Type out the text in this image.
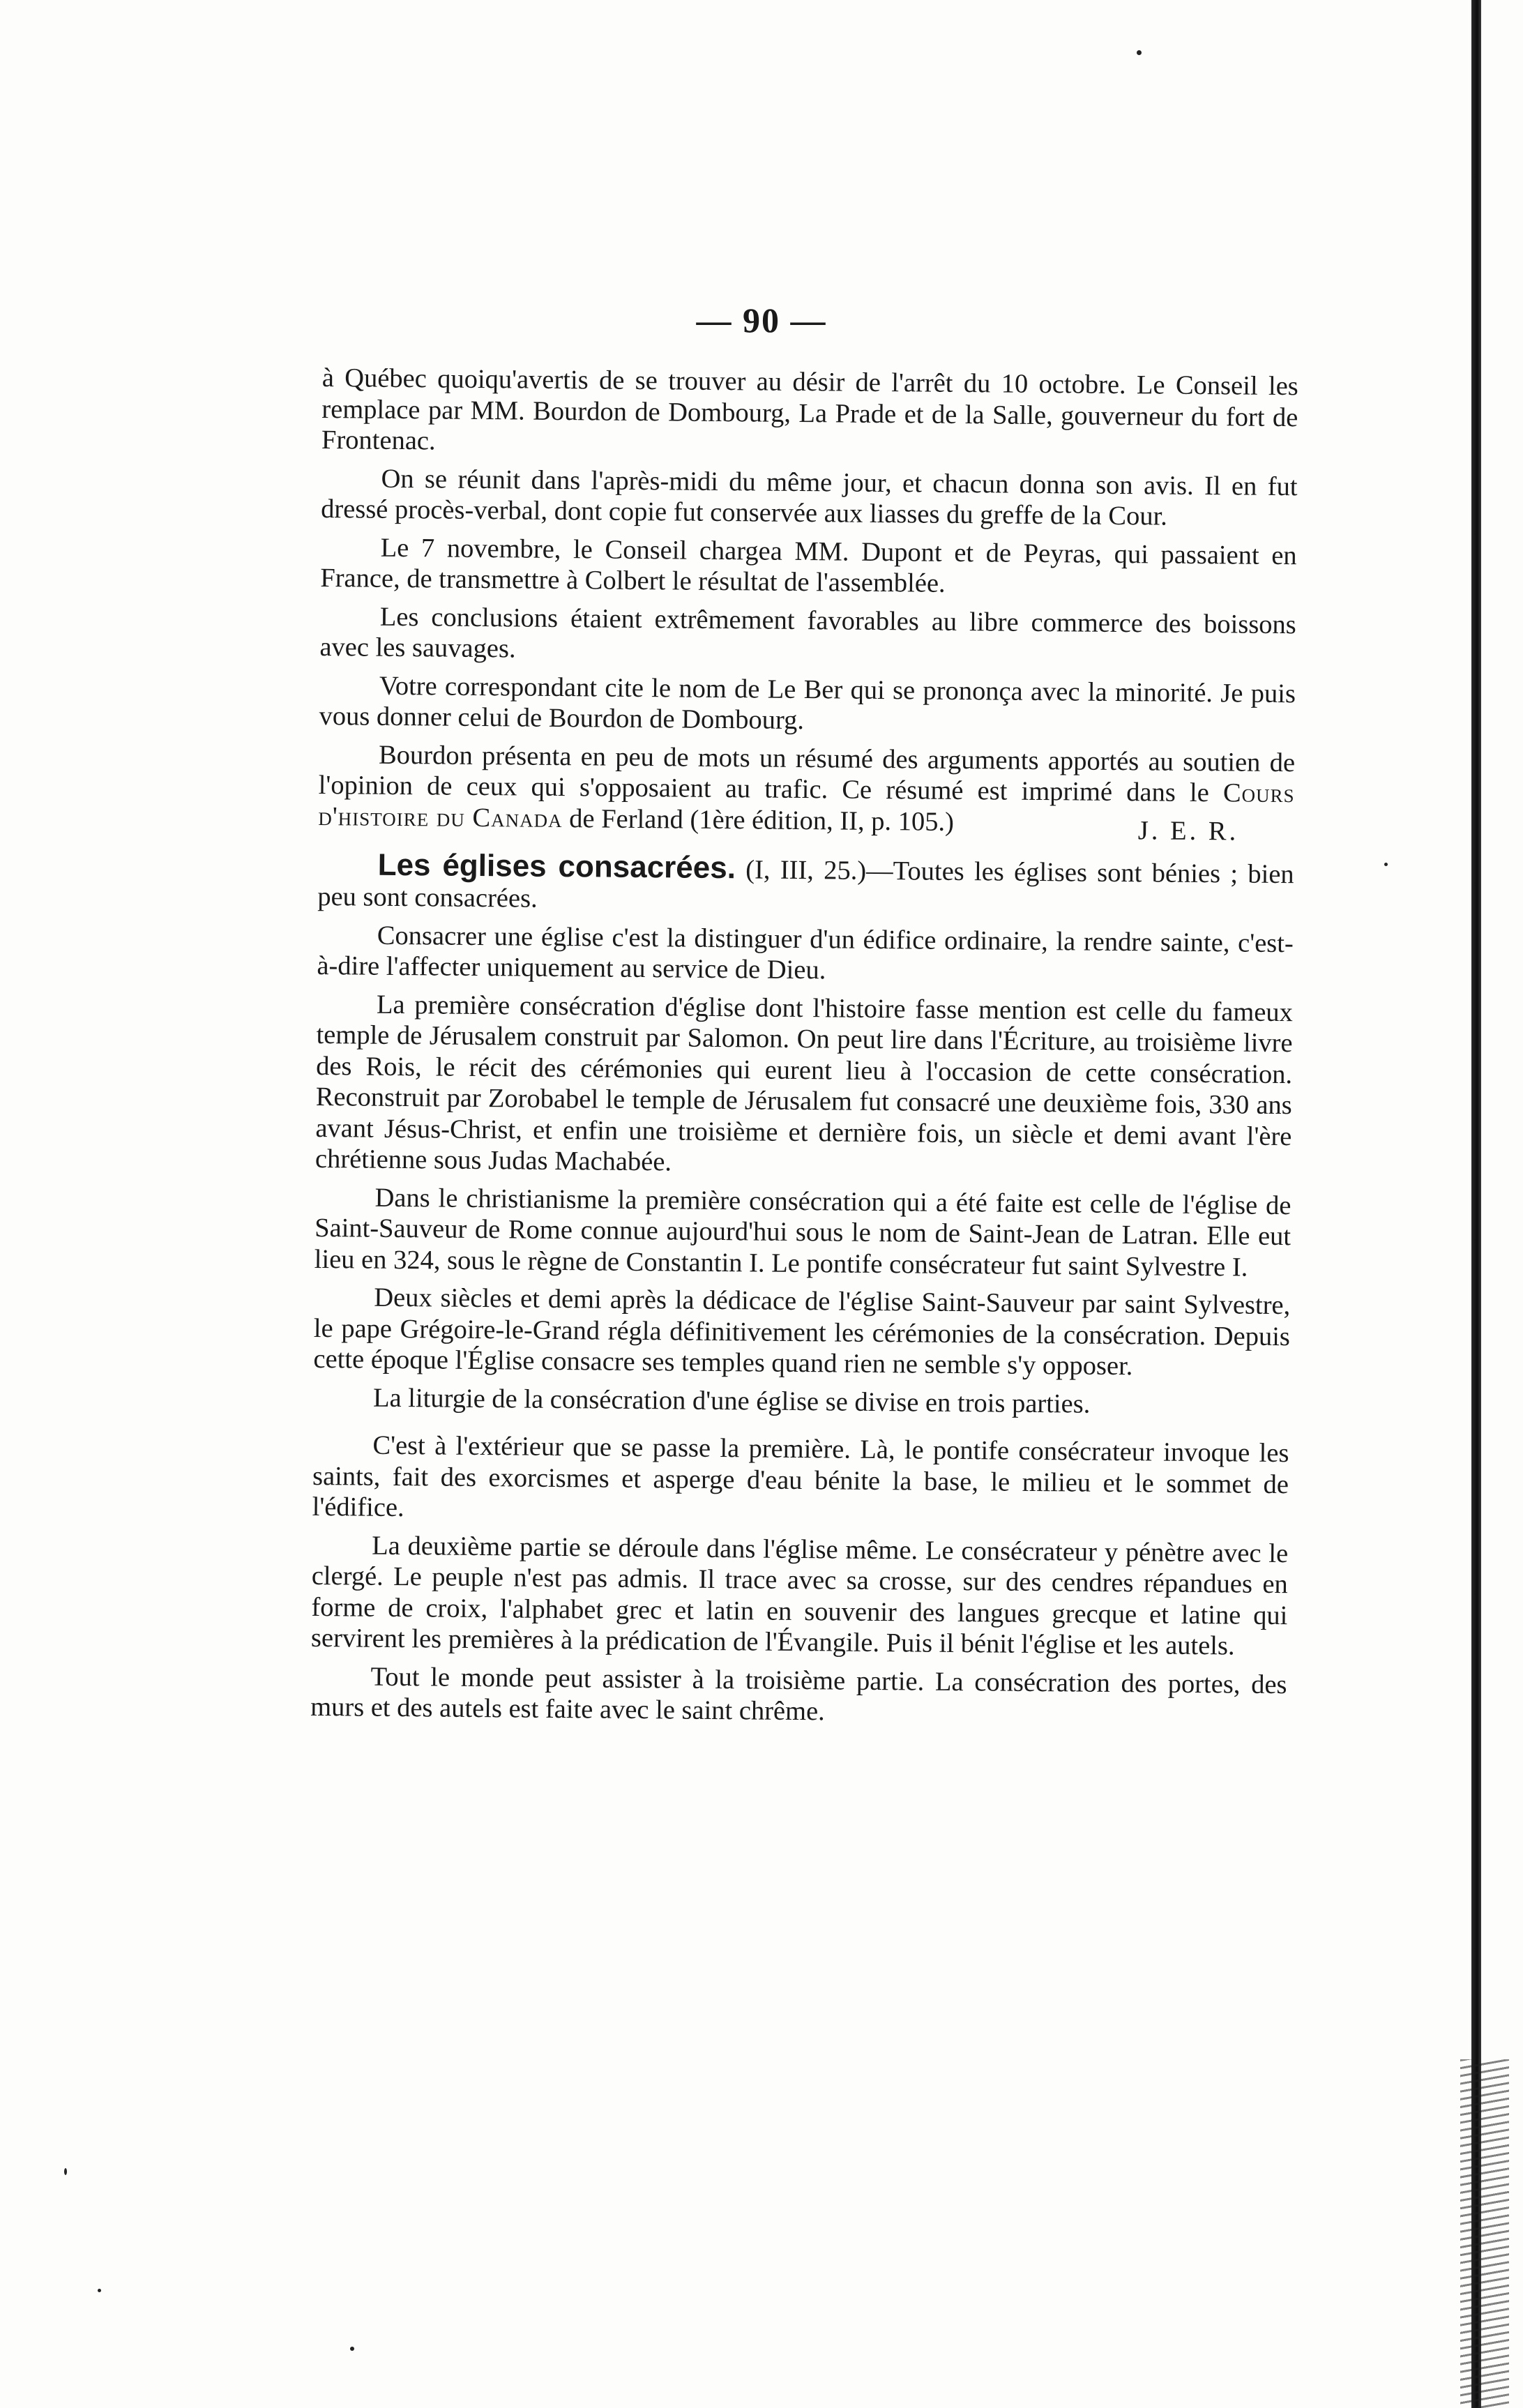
— 90 —

à Québec quoiqu'avertis de se trouver au désir de l'arrêt du 10 octobre. Le Conseil les remplace par MM. Bourdon de Dombourg, La Prade et de la Salle, gouverneur du fort de Frontenac.

On se réunit dans l'après-midi du même jour, et chacun donna son avis. Il en fut dressé procès-verbal, dont copie fut conservée aux liasses du greffe de la Cour.

Le 7 novembre, le Conseil chargea MM. Dupont et de Peyras, qui passaient en France, de transmettre à Colbert le résultat de l'assemblée.

Les conclusions étaient extrêmement favorables au libre commerce des boissons avec les sauvages.

Votre correspondant cite le nom de Le Ber qui se prononça avec la minorité. Je puis vous donner celui de Bourdon de Dombourg.

Bourdon présenta en peu de mots un résumé des arguments apportés au soutien de l'opinion de ceux qui s'opposaient au trafic. Ce résumé est imprimé dans le Cours d'histoire du Canada de Ferland (1ère édition, II, p. 105.)	J. E. R.

Les églises consacrées. (I, III, 25.)—Toutes les églises sont bénies ; bien peu sont consacrées.

Consacrer une église c'est la distinguer d'un édifice ordinaire, la rendre sainte, c'est-à-dire l'affecter uniquement au service de Dieu.

La première consécration d'église dont l'histoire fasse mention est celle du fameux temple de Jérusalem construit par Salomon. On peut lire dans l'Écriture, au troisième livre des Rois, le récit des cérémonies qui eurent lieu à l'occasion de cette consécration. Reconstruit par Zorobabel le temple de Jérusalem fut consacré une deuxième fois, 330 ans avant Jésus-Christ, et enfin une troisième et dernière fois, un siècle et demi avant l'ère chrétienne sous Judas Machabée.

Dans le christianisme la première consécration qui a été faite est celle de l'église de Saint-Sauveur de Rome connue aujourd'hui sous le nom de Saint-Jean de Latran. Elle eut lieu en 324, sous le règne de Constantin I. Le pontife consécrateur fut saint Sylvestre I.

Deux siècles et demi après la dédicace de l'église Saint-Sauveur par saint Sylvestre, le pape Grégoire-le-Grand régla définitivement les cérémonies de la consécration. Depuis cette époque l'Église consacre ses temples quand rien ne semble s'y opposer.

La liturgie de la consécration d'une église se divise en trois parties.

C'est à l'extérieur que se passe la première. Là, le pontife consécrateur invoque les saints, fait des exorcismes et asperge d'eau bénite la base, le milieu et le sommet de l'édifice.

La deuxième partie se déroule dans l'église même. Le consécrateur y pénètre avec le clergé. Le peuple n'est pas admis. Il trace avec sa crosse, sur des cendres répandues en forme de croix, l'alphabet grec et latin en souvenir des langues grecque et latine qui servirent les premières à la prédication de l'Évangile. Puis il bénit l'église et les autels.

Tout le monde peut assister à la troisième partie. La consécration des portes, des murs et des autels est faite avec le saint chrême.
